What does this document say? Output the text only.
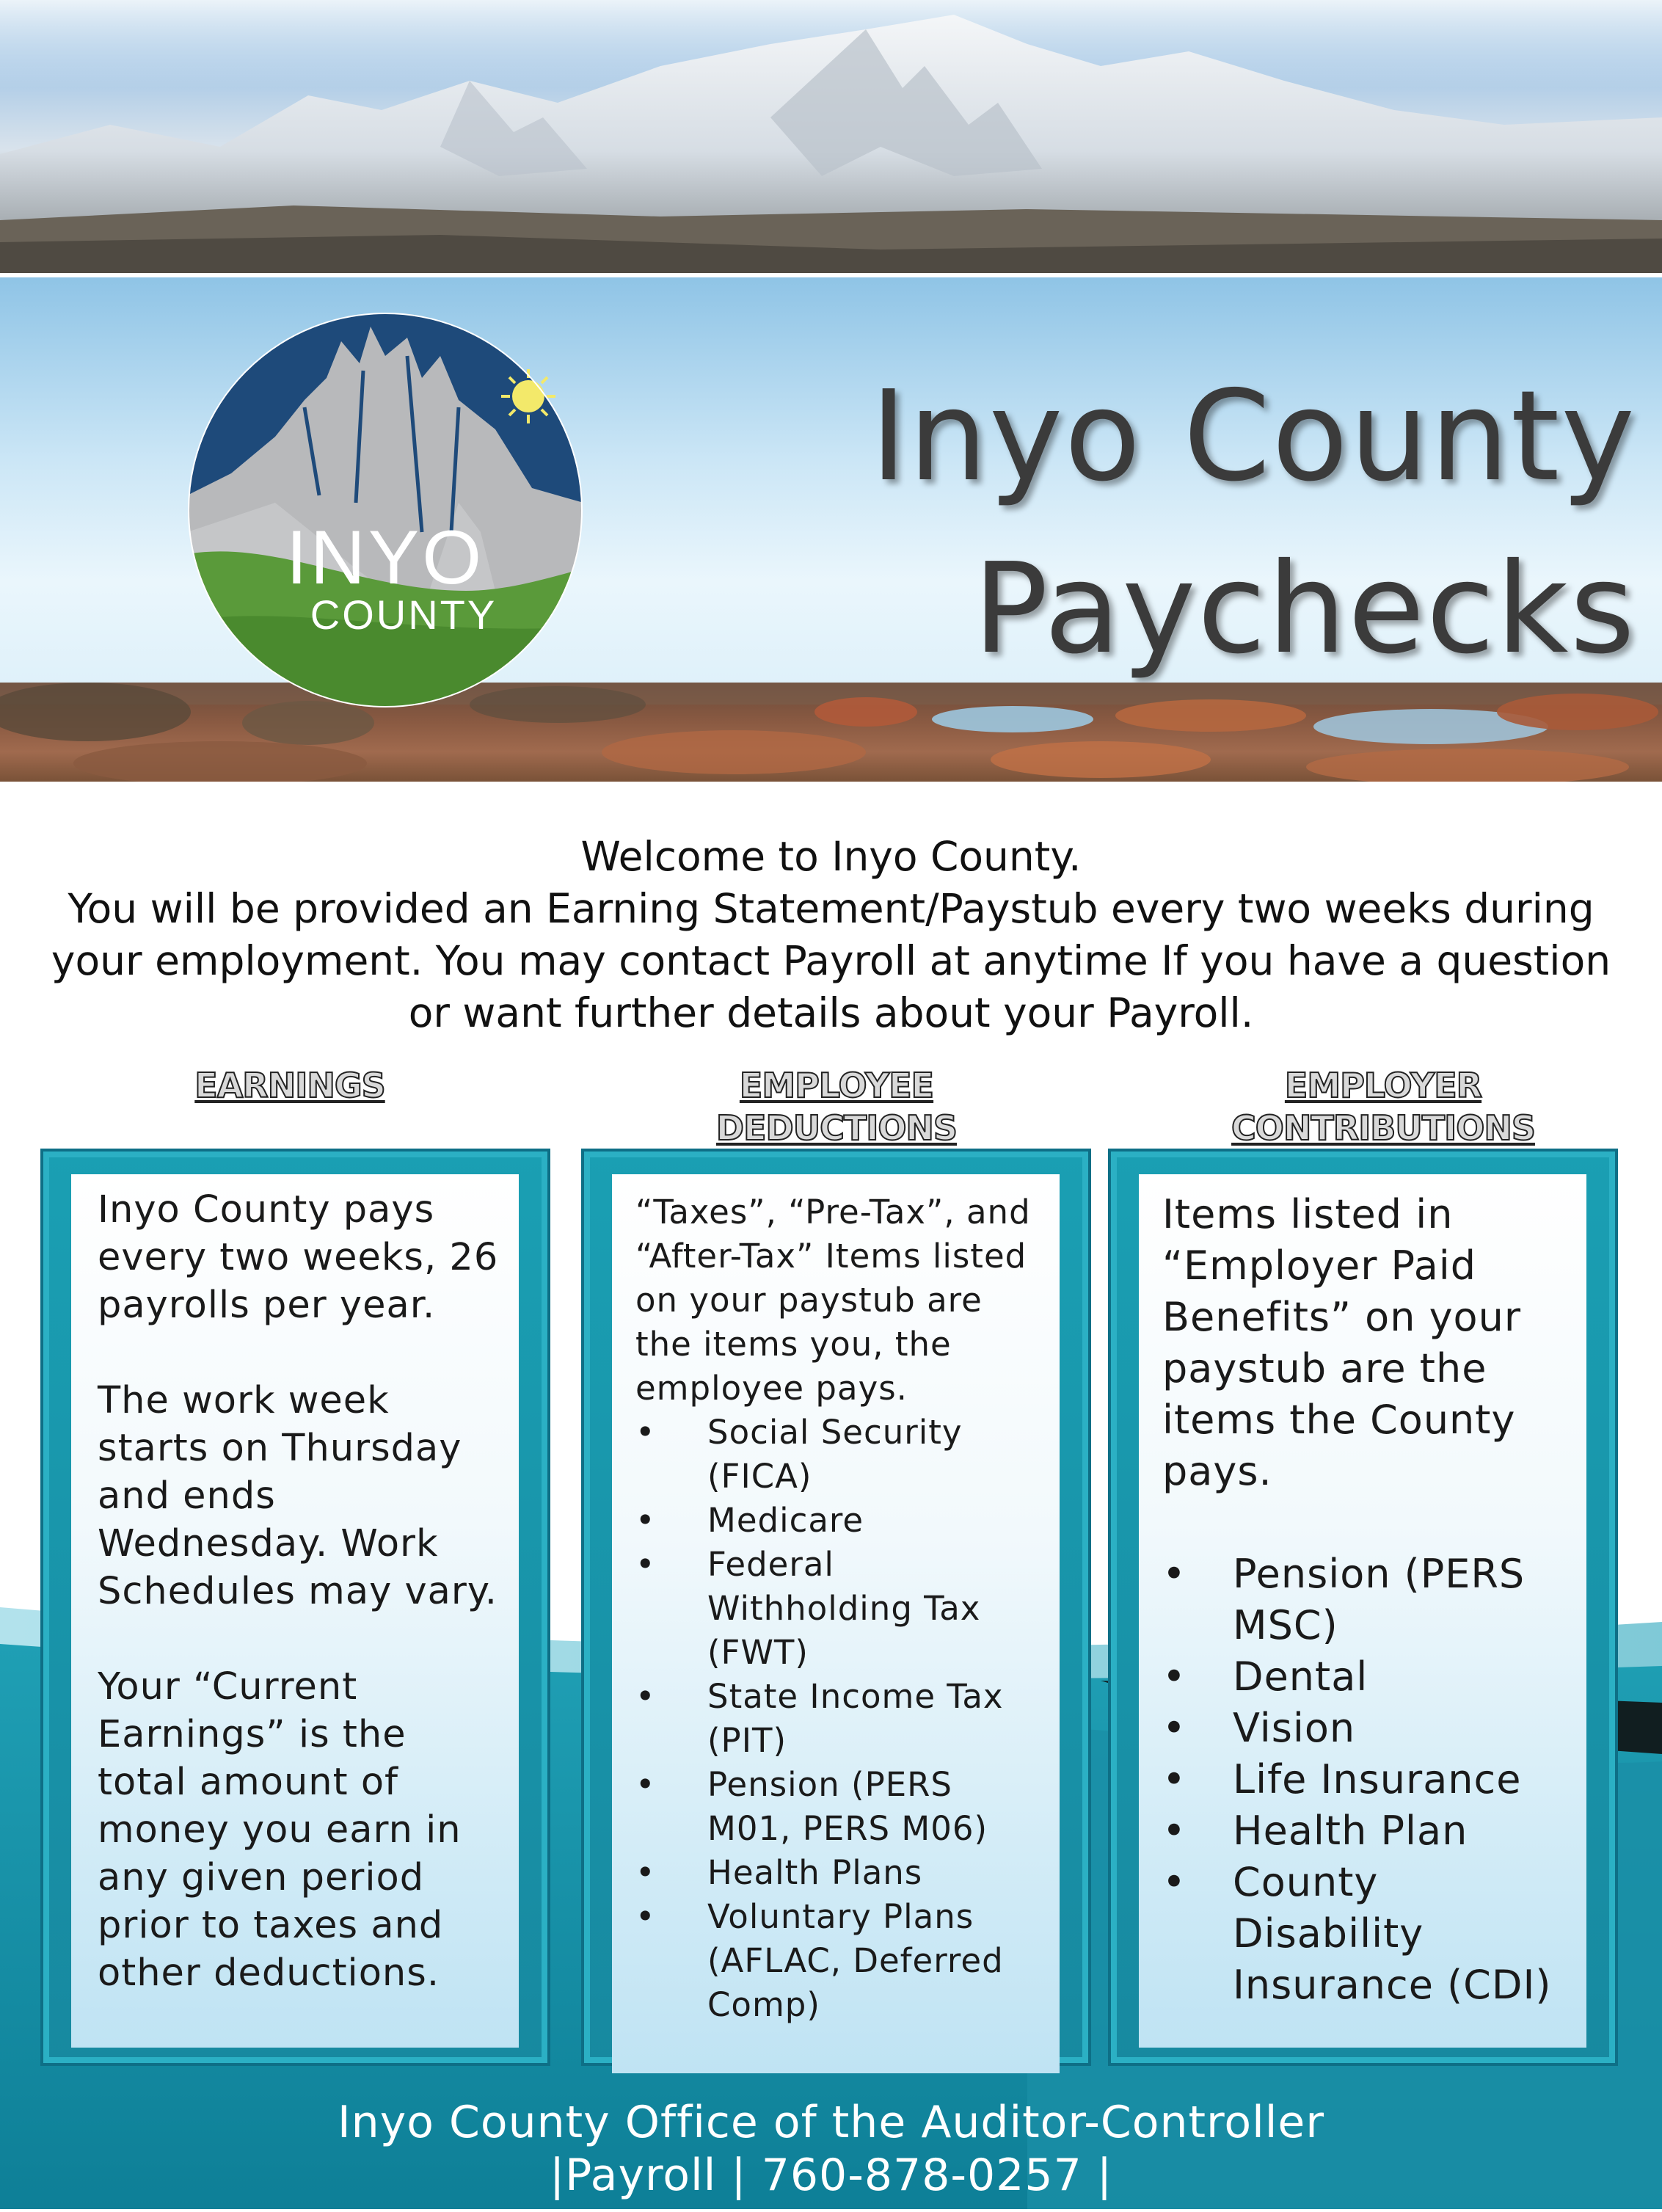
Inyo County
Paychecks
INYO
COUNTY
Welcome to Inyo County.
You will be provided an Earning Statement/Paystub every two weeks during
your employment. You may contact Payroll at anytime If you have a question
or want further details about your Payroll.
EARNINGS	EMPLOYEE
DEDUCTIONS
EMPLOYER
CONTRIBUTIONS

Inyo County pays every two weeks, 26 payrolls per year.

The work week starts on Thursday and ends Wednesday. Work Schedules may vary.

Your “Current Earnings” is the total amount of money you earn in any given period prior to taxes and other deductions.

“Taxes”, “Pre-Tax”, and “After-Tax” Items listed on your paystub are the items you, the employee pays.

• Social Security (FICA)
• Medicare
• Federal Withholding Tax (FWT)
• State Income Tax (PIT)
• Pension (PERS M01, PERS M06)
• Health Plans
• Voluntary Plans (AFLAC, Deferred Comp)

Items listed in “Employer Paid Benefits” on your paystub are the items the County pays.

• Pension (PERS MSC)
• Dental
• Vision
• Life Insurance
• Health Plan
• County Disability Insurance (CDI)
Inyo County Office of the Auditor-Controller
|Payroll | 760-878-0257 |
